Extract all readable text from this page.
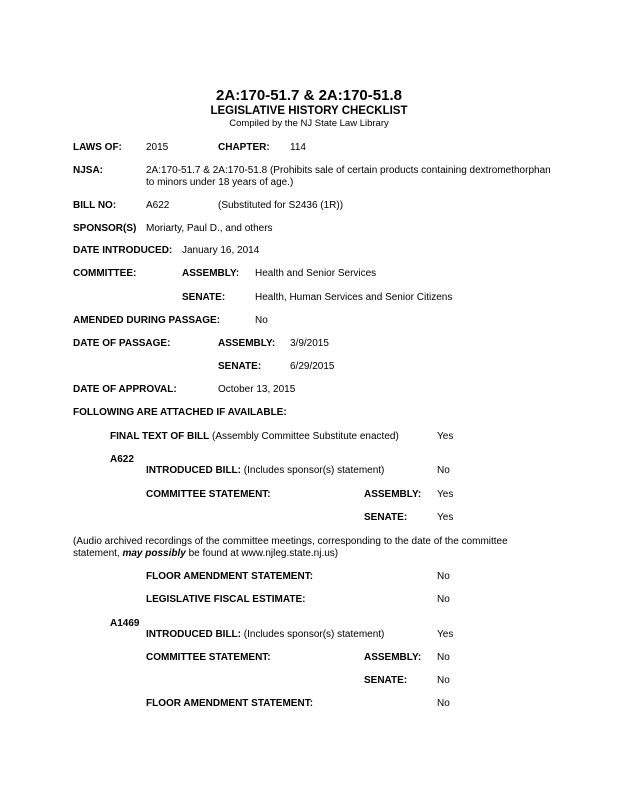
2A:170-51.7 & 2A:170-51.8
LEGISLATIVE HISTORY CHECKLIST
Compiled by the NJ State Law Library
LAWS OF: 2015	CHAPTER: 114
NJSA:	2A:170-51.7 & 2A:170-51.8 (Prohibits sale of certain products containing dextromethorphan
to minors under 18 years of age.)
BILL NO:	A622	(Substituted for S2436 (1R))
SPONSOR(S) Moriarty, Paul D., and others
DATE INTRODUCED: January 16, 2014
COMMITTEE:	ASSEMBLY: Health and Senior Services
SENATE:	Health, Human Services and Senior Citizens
AMENDED DURING PASSAGE:	No
DATE OF PASSAGE:	ASSEMBLY: 3/9/2015
SENATE:	6/29/2015
DATE OF APPROVAL:	October 13, 2015
FOLLOWING ARE ATTACHED IF AVAILABLE:
FINAL TEXT OF BILL (Assembly Committee Substitute enacted)	Yes
A622
INTRODUCED BILL: (Includes sponsor(s) statement)	No
COMMITTEE STATEMENT:	ASSEMBLY: Yes
SENATE:	Yes
(Audio archived recordings of the committee meetings, corresponding to the date of the committee
statement, may possibly be found at www.njleg.state.nj.us)
FLOOR AMENDMENT STATEMENT:	No
LEGISLATIVE FISCAL ESTIMATE:	No
A1469
INTRODUCED BILL: (Includes sponsor(s) statement)	Yes
COMMITTEE STATEMENT:	ASSEMBLY: No
SENATE:	No
FLOOR AMENDMENT STATEMENT:	No
